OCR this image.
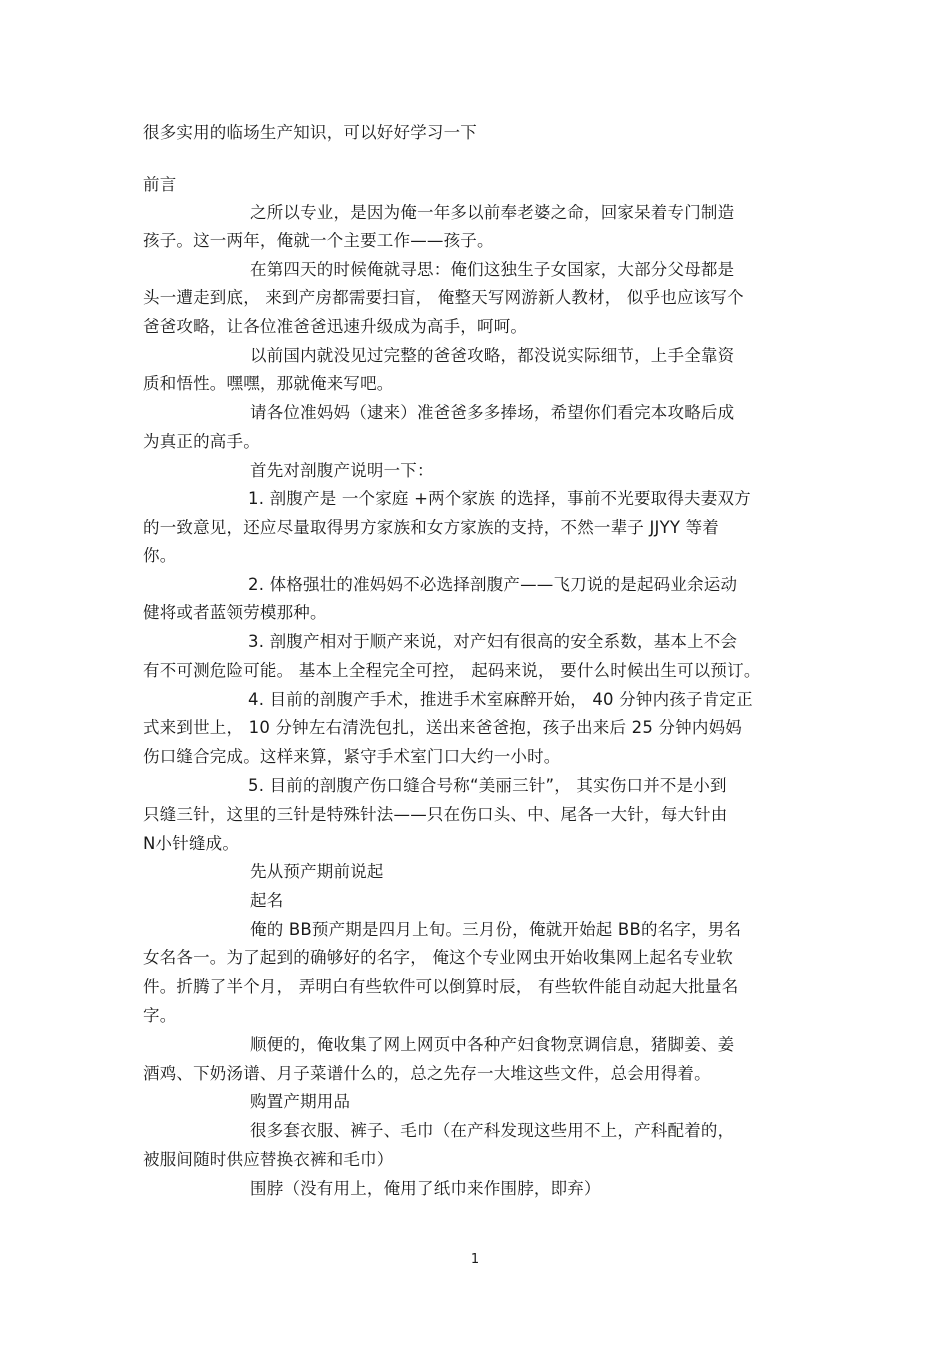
很多实用的临场生产知识，可以好好学习一下
前言
之所以专业，是因为俺一年多以前奉老婆之命，回家呆着专门制造
孩子。这一两年，俺就一个主要工作——孩子。
在第四天的时候俺就寻思：俺们这独生子女国家，大部分父母都是
头一遭走到底， 来到产房都需要扫盲， 俺整天写网游新人教材， 似乎也应该写个
爸爸攻略，让各位准爸爸迅速升级成为高手，呵呵。
以前国内就没见过完整的爸爸攻略，都没说实际细节，上手全靠资
质和悟性。嘿嘿，那就俺来写吧。
请各位准妈妈（逮来）准爸爸多多捧场，希望你们看完本攻略后成
为真正的高手。
首先对剖腹产说明一下：
1. 剖腹产是 一个家庭 +两个家族 的选择，事前不光要取得夫妻双方
的一致意见，还应尽量取得男方家族和女方家族的支持，不然一辈子 JJYY 等着
你。
2. 体格强壮的准妈妈不必选择剖腹产——飞刀说的是起码业余运动
健将或者蓝领劳模那种。
3. 剖腹产相对于顺产来说，对产妇有很高的安全系数，基本上不会
有不可测危险可能。 基本上全程完全可控， 起码来说， 要什么时候出生可以预订。
4. 目前的剖腹产手术，推进手术室麻醉开始， 40 分钟内孩子肯定正
式来到世上， 10 分钟左右清洗包扎，送出来爸爸抱，孩子出来后 25 分钟内妈妈
伤口缝合完成。这样来算，紧守手术室门口大约一小时。
5. 目前的剖腹产伤口缝合号称“美丽三针”， 其实伤口并不是小到
只缝三针，这里的三针是特殊针法——只在伤口头、中、尾各一大针，每大针由
N小针缝成。
先从预产期前说起
起名
俺的 BB预产期是四月上旬。三月份，俺就开始起 BB的名字，男名
女名各一。为了起到的确够好的名字， 俺这个专业网虫开始收集网上起名专业软
件。折腾了半个月， 弄明白有些软件可以倒算时辰， 有些软件能自动起大批量名
字。
顺便的，俺收集了网上网页中各种产妇食物烹调信息，猪脚姜、姜
酒鸡、下奶汤谱、月子菜谱什么的，总之先存一大堆这些文件，总会用得着。
购置产期用品
很多套衣服、裤子、毛巾（在产科发现这些用不上，产科配着的，
被服间随时供应替换衣裤和毛巾）
围脖（没有用上，俺用了纸巾来作围脖，即弃）
1
